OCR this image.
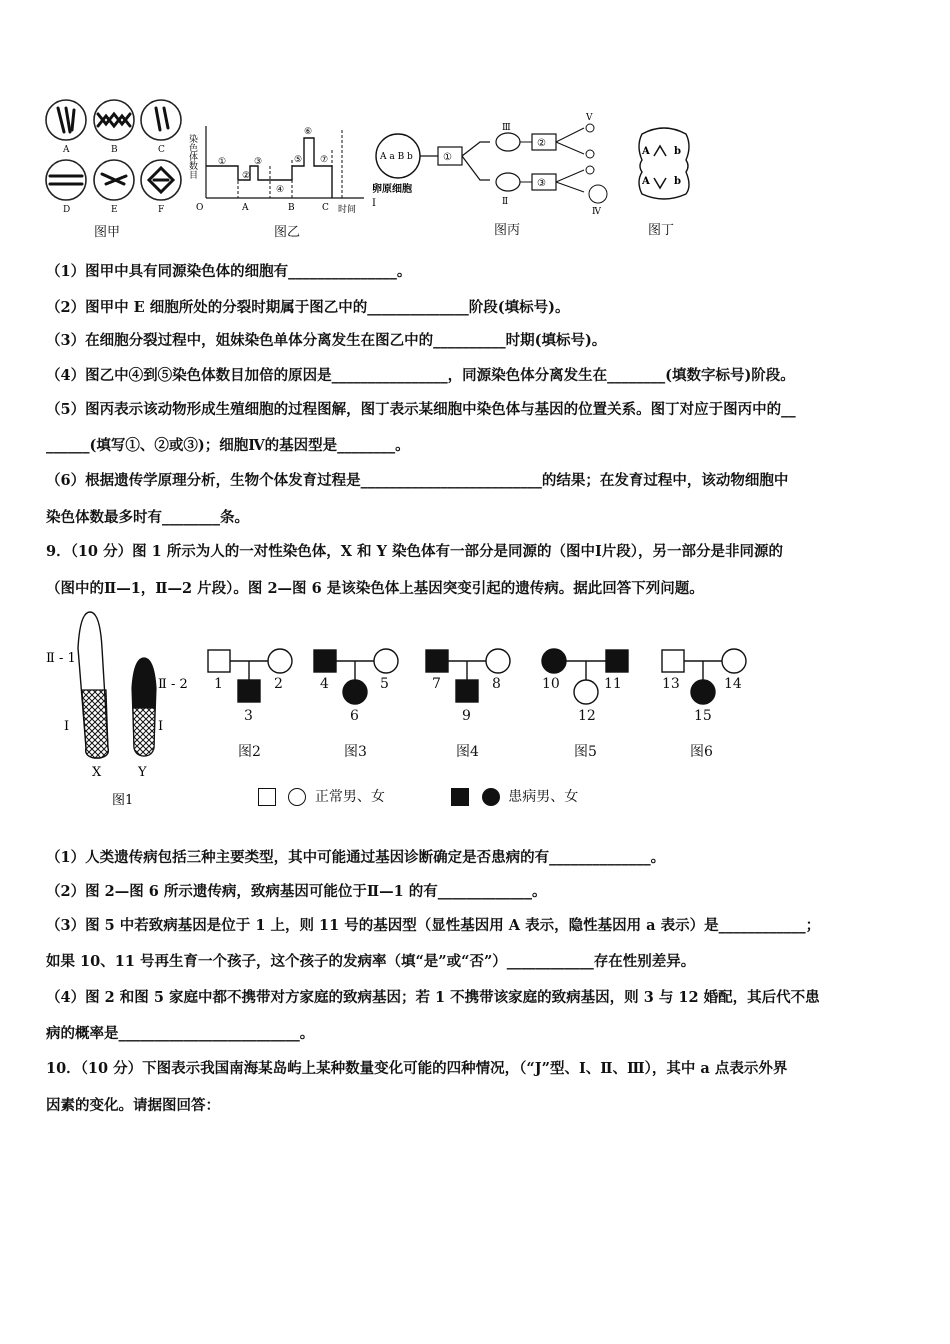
A	B	C
D	E	F
染色体数目 ①
②
③
④
⑤
⑥
⑦
O	A	B	C 时间
A a B b
卵原细胞
Ⅰ
①
Ⅲ
Ⅱ
②
③
Ⅴ
Ⅳ
A b
A b
图甲	图乙	图丙	图丁
（1）图甲中具有同源染色体的细胞有_______________。
（2）图甲中 E 细胞所处的分裂时期属于图乙中的______________阶段(填标号)。
（3）在细胞分裂过程中，姐妹染色单体分离发生在图乙中的__________时期(填标号)。
（4）图乙中④到⑤染色体数目加倍的原因是________________，同源染色体分离发生在________(填数字标号)阶段。
（5）图丙表示该动物形成生殖细胞的过程图解，图丁表示某细胞中染色体与基因的位置关系。图丁对应于图丙中的__
______(填写①、②或③)；细胞Ⅳ的基因型是________。
（6）根据遗传学原理分析，生物个体发育过程是_________________________的结果；在发育过程中，该动物细胞中
染色体数最多时有________条。
9．（10 分）图 1 所示为人的一对性染色体，X 和 Y 染色体有一部分是同源的（图中Ⅰ片段），另一部分是非同源的
（图中的Ⅱ—1，Ⅱ—2 片段）。图 2—图 6 是该染色体上基因突变引起的遗传病。据此回答下列问题。
Ⅱ - 1
Ⅰ
Ⅱ - 2
Ⅰ
X	Y
图1
1	2
3
4	5
6
7	8
9
10	11
12
13	14
15
图2	图3	图4	图5	图6
正常男、女	患病男、女
（1）人类遗传病包括三种主要类型，其中可能通过基因诊断确定是否患病的有______________。
（2）图 2—图 6 所示遗传病，致病基因可能位于Ⅱ—1 的有_____________。
（3）图 5 中若致病基因是位于 1 上，则 11 号的基因型（显性基因用 A 表示，隐性基因用 a 表示）是____________；
如果 10、11 号再生育一个孩子，这个孩子的发病率（填“是”或“否”）____________存在性别差异。
（4）图 2 和图 5 家庭中都不携带对方家庭的致病基因；若 1 不携带该家庭的致病基因，则 3 与 12 婚配，其后代不患
病的概率是_________________________。
10．（10 分）下图表示我国南海某岛屿上某种数量变化可能的四种情况，（“J”型、Ⅰ、Ⅱ、Ⅲ），其中 a 点表示外界
因素的变化。请据图回答：
